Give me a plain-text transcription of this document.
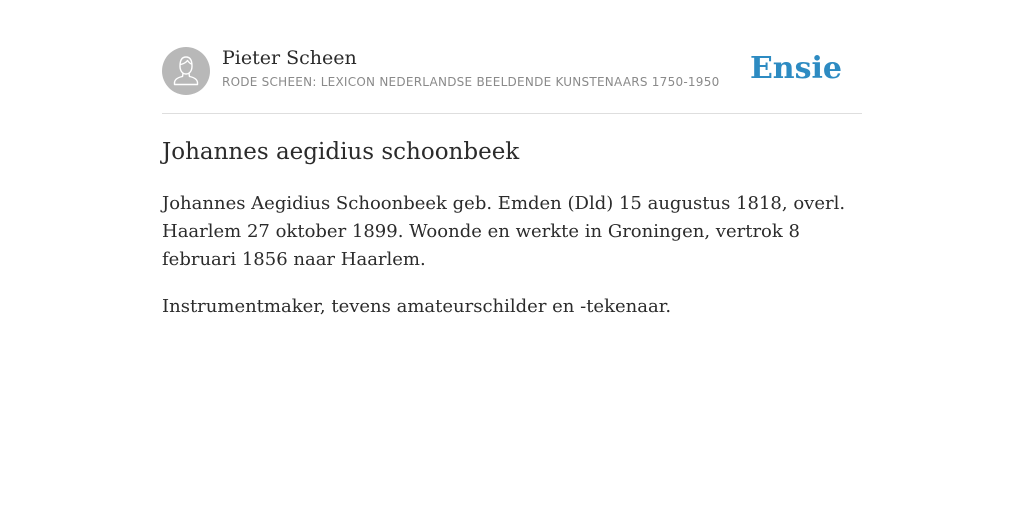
Pieter Scheen
RODE SCHEEN: LEXICON NEDERLANDSE BEELDENDE KUNSTENAARS 1750-1950 Ensie
Johannes aegidius schoonbeek

Johannes Aegidius Schoonbeek geb. Emden (Dld) 15 augustus 1818, overl. Haarlem 27 oktober 1899. Woonde en werkte in Groningen, vertrok 8 februari 1856 naar Haarlem.

Instrumentmaker, tevens amateurschilder en -tekenaar.
